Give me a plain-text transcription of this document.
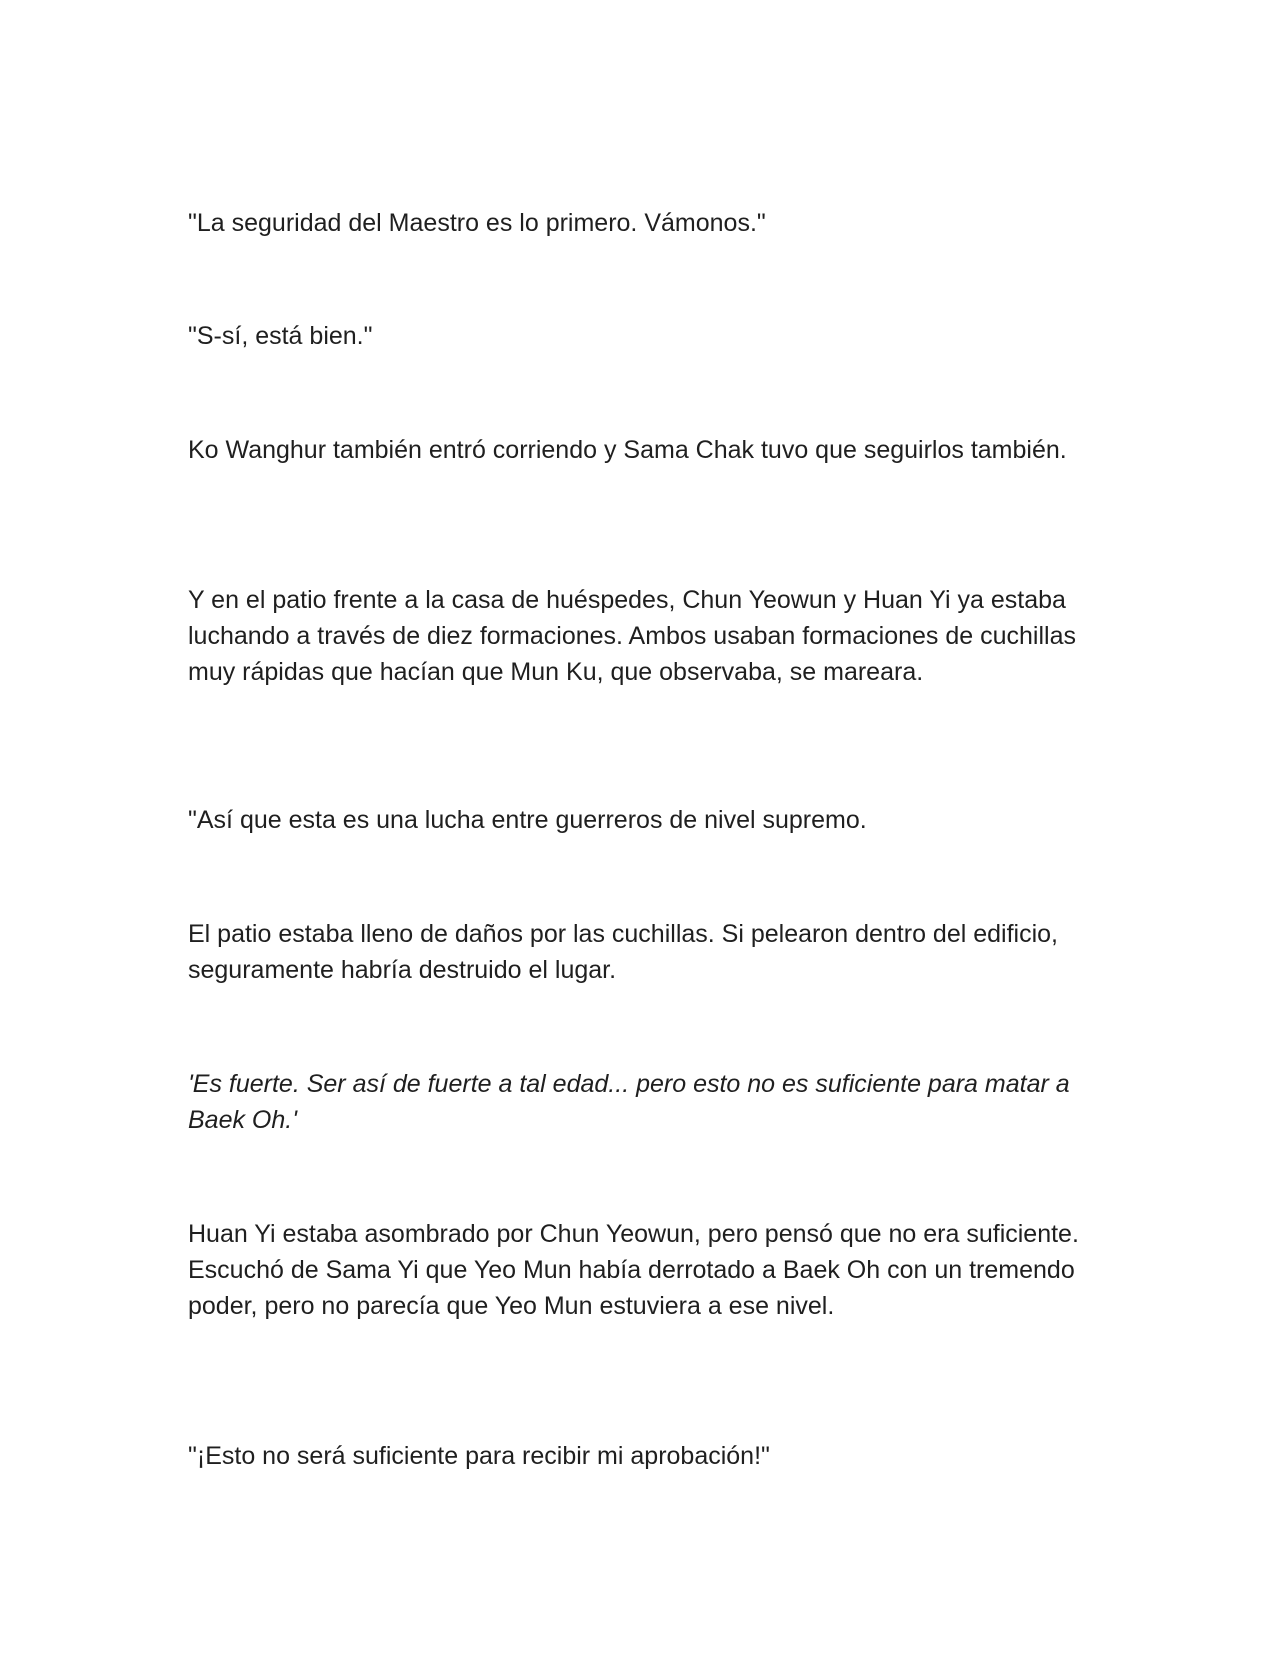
"La seguridad del Maestro es lo primero. Vámonos."

"S-sí, está bien."

Ko Wanghur también entró corriendo y Sama Chak tuvo que seguirlos también.

Y en el patio frente a la casa de huéspedes, Chun Yeowun y Huan Yi ya estaba luchando a través de diez formaciones. Ambos usaban formaciones de cuchillas muy rápidas que hacían que Mun Ku, que observaba, se mareara.

"Así que esta es una lucha entre guerreros de nivel supremo.

El patio estaba lleno de daños por las cuchillas. Si pelearon dentro del edificio, seguramente habría destruido el lugar.

'Es fuerte. Ser así de fuerte a tal edad... pero esto no es suficiente para matar a Baek Oh.'

Huan Yi estaba asombrado por Chun Yeowun, pero pensó que no era suficiente. Escuchó de Sama Yi que Yeo Mun había derrotado a Baek Oh con un tremendo poder, pero no parecía que Yeo Mun estuviera a ese nivel.

"¡Esto no será suficiente para recibir mi aprobación!"
